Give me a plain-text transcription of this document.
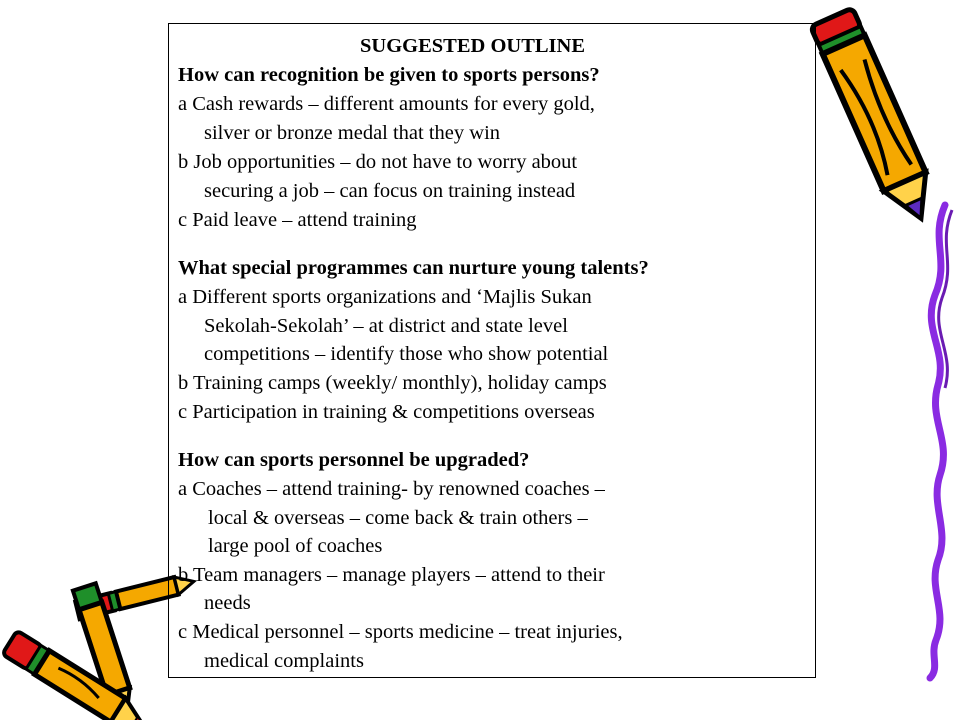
SUGGESTED OUTLINE
How can recognition be given to sports persons?
a Cash rewards – different amounts for every gold,
silver or bronze medal that they win
b Job opportunities – do not have to worry about
securing a job – can focus on training instead
c Paid leave – attend training
What special programmes can nurture young talents?
a Different sports organizations and ‘Majlis Sukan
Sekolah-Sekolah’ – at district and state level
competitions – identify those who show potential
b Training camps (weekly/ monthly), holiday camps
c Participation in training & competitions overseas
How can sports personnel be upgraded?
a Coaches – attend training- by renowned coaches –
local & overseas – come back & train others –
large pool of coaches
b Team managers – manage players – attend to their
needs
c Medical personnel – sports medicine – treat injuries,
medical complaints
